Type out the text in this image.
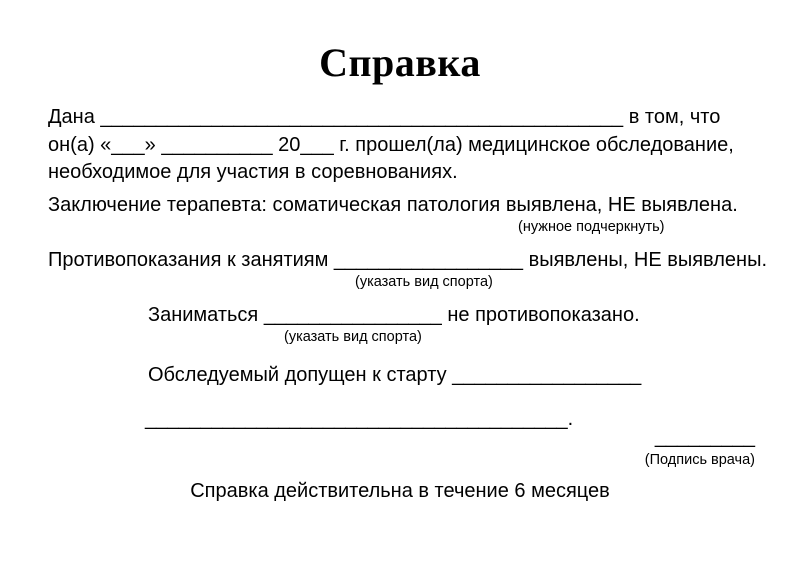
Справка
Дана _______________________________________________ в том, что
он(а) «___» __________ 20___ г. прошел(ла) медицинское обследование,
необходимое для участия в соревнованиях.
Заключение терапевта: соматическая патология выявлена, НЕ выявлена.
(нужное подчеркнуть)
Противопоказания к занятиям _________________ выявлены, НЕ выявлены.
(указать вид спорта)
Заниматься ________________ не противопоказано.
(указать вид спорта)
Обследуемый допущен к старту _________________
______________________________________.
_________
(Подпись врача)
Справка действительна в течение 6 месяцев
